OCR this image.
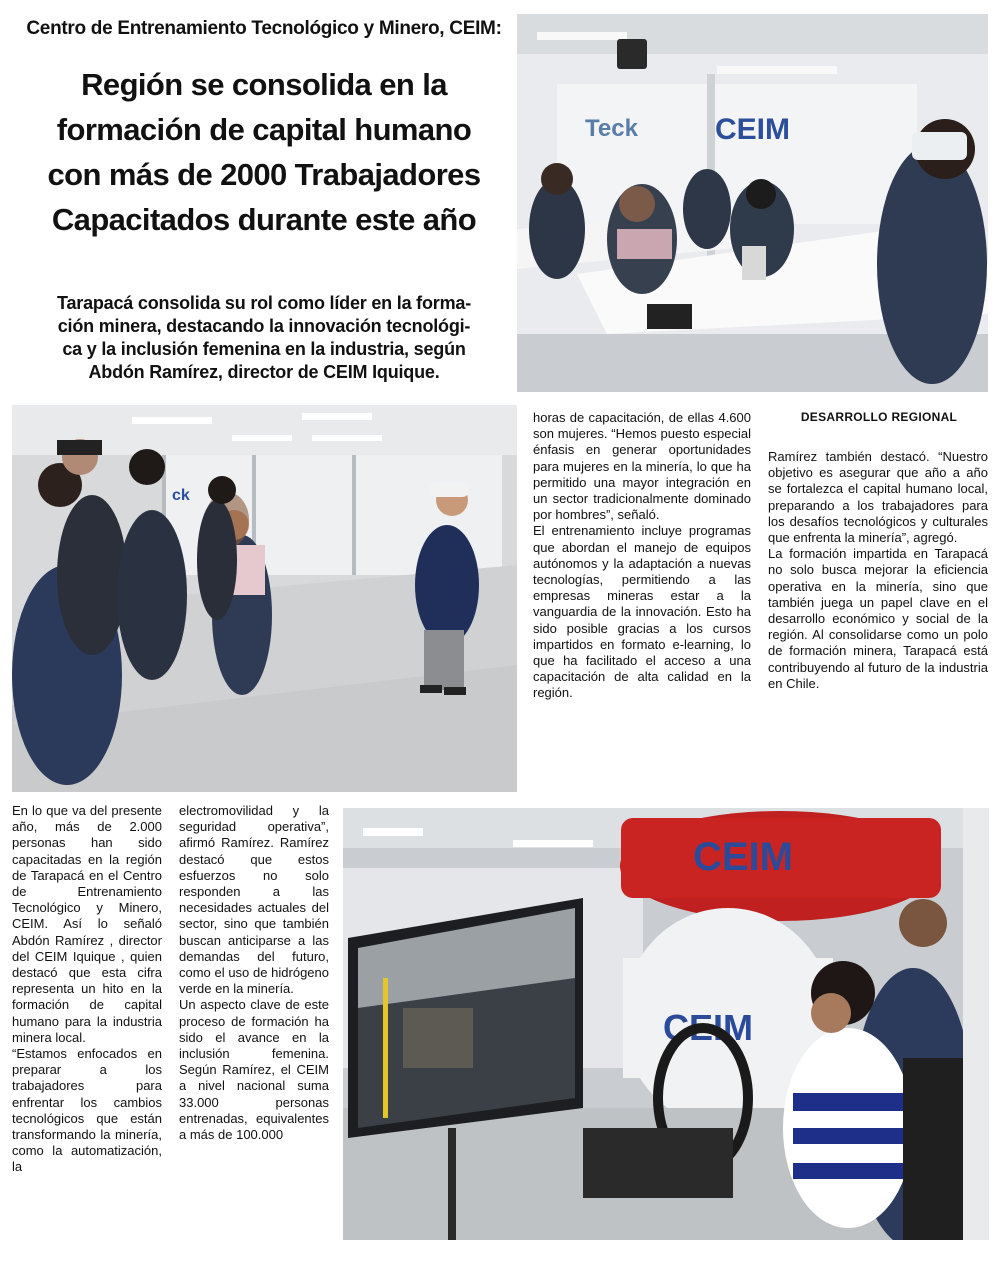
Centro de Entrenamiento Tecnológico y Minero, CEIM:
Región se consolida en la
formación de capital humano
con más de 2000 Trabajadores
Capacitados durante este año
Tarapacá consolida su rol como líder en la forma-
ción minera, destacando la innovación tecnológi-
ca y la inclusión femenina en la industria, según
Abdón Ramírez, director de CEIM Iquique.
Teck	CEIM
ck
CEIM
CEIM
DESARROLLO REGIONAL

En lo que va del presente año, más de 2.000 personas han sido capacitadas en la región de Tarapacá en el Centro de Entrenamiento Tecnológico y Minero, CEIM. Así lo señaló Abdón Ramírez , director del CEIM Iquique , quien destacó que esta cifra representa un hito en la formación de capital humano para la industria minera local.

“Estamos enfocados en preparar a los trabajadores para enfrentar los cambios tecnológicos que están transformando la minería, como la automatización, la

electromovilidad y la seguridad operativa”, afirmó Ramírez. Ramírez destacó que estos esfuerzos no solo responden a las necesidades actuales del sector, sino que también buscan anticiparse a las demandas del futuro, como el uso de hidrógeno verde en la minería.

Un aspecto clave de este proceso de formación ha sido el avance en la inclusión femenina. Según Ramírez, el CEIM a nivel nacional suma 33.000 personas entrenadas, equivalentes a más de 100.000

horas de capacitación, de ellas 4.600 son mujeres. “Hemos puesto especial énfasis en generar oportunidades para mujeres en la minería, lo que ha permitido una mayor integración en un sector tradicionalmente dominado por hombres”, señaló.

El entrenamiento incluye programas que abordan el manejo de equipos autónomos y la adaptación a nuevas tecnologías, permitiendo a las empresas mineras estar a la vanguardia de la innovación. Esto ha sido posible gracias a los cursos impartidos en formato e-learning, lo que ha facilitado el acceso a una capacitación de alta calidad en la región.

Ramírez también destacó. “Nuestro objetivo es asegurar que año a año se fortalezca el capital humano local, preparando a los trabajadores para los desafíos tecnológicos y culturales que enfrenta la minería”, agregó.

La formación impartida en Tarapacá no solo busca mejorar la eficiencia operativa en la minería, sino que también juega un papel clave en el desarrollo económico y social de la región. Al consolidarse como un polo de formación minera, Tarapacá está contribuyendo al futuro de la industria en Chile.
